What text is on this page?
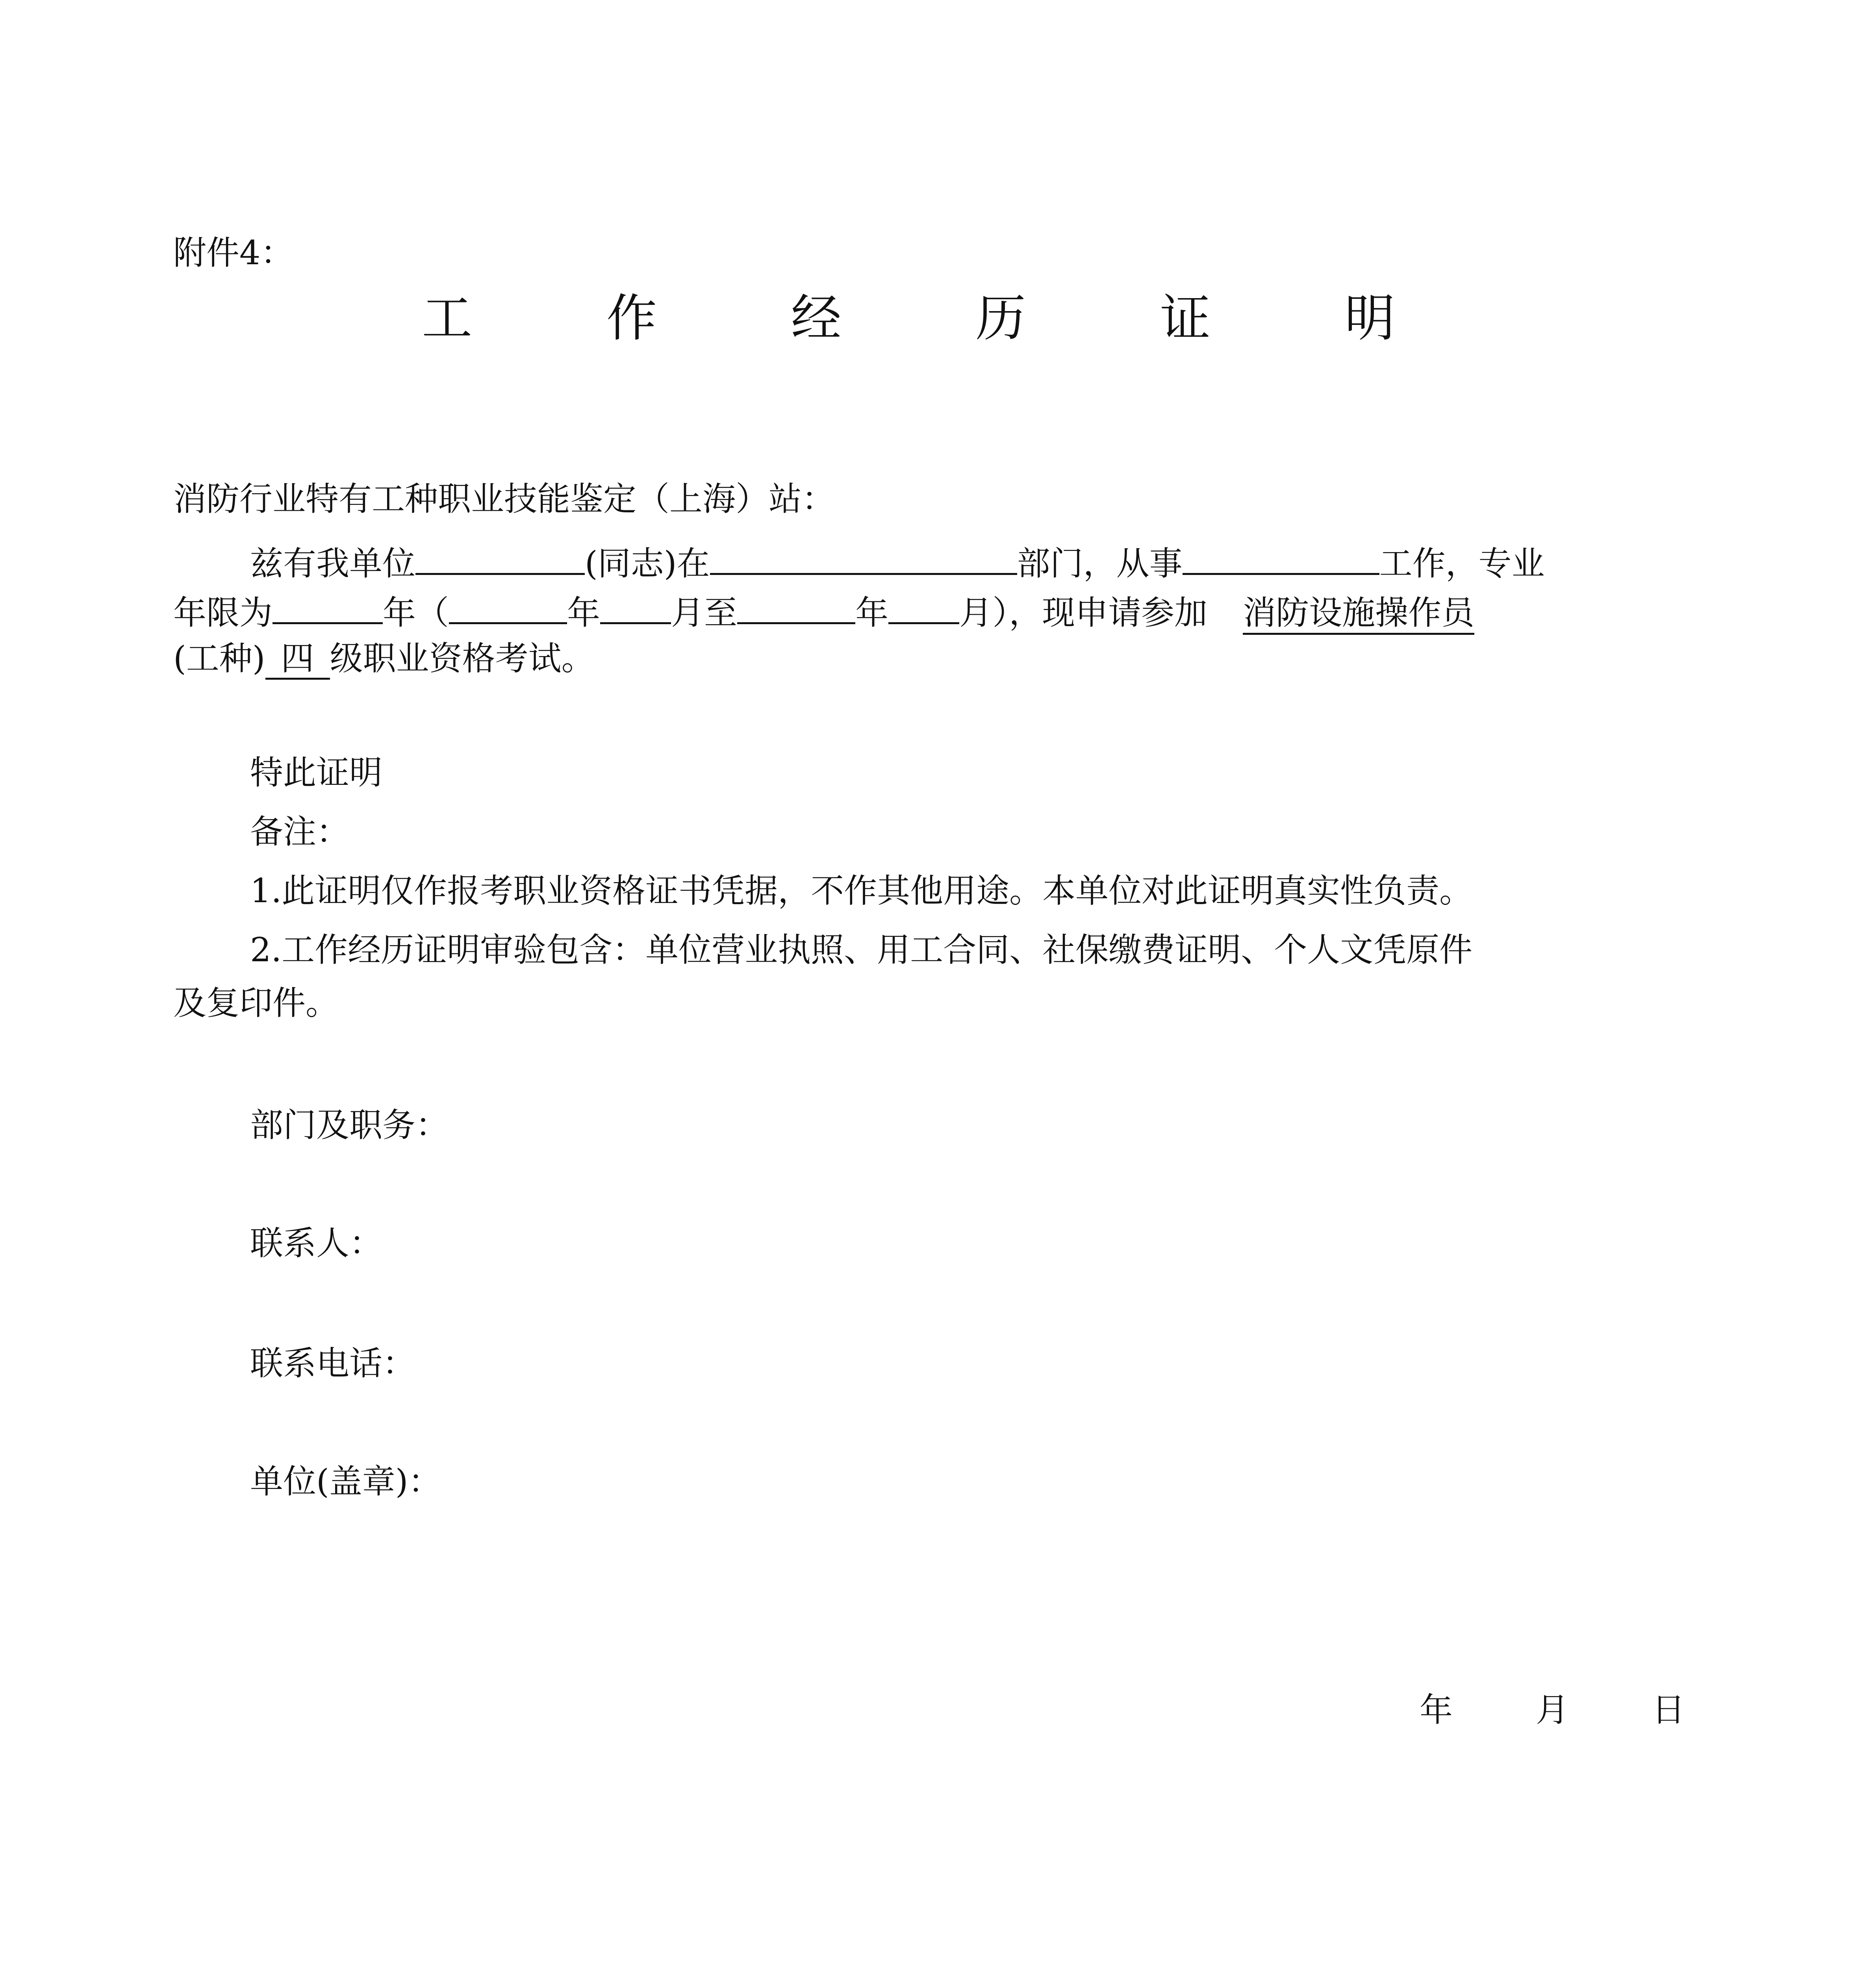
附件4：
工 作 经 历 证 明
消防行业特有工种职业技能鉴定（上海）站：
兹有我单位	(同志)在	部门，从事	工作，专业
年限为	年（	年 月至	年 月），现申请参加 消防设施操作员
(工种) 四 级职业资格考试。
特此证明
备注：
1.此证明仅作报考职业资格证书凭据，不作其他用途。本单位对此证明真实性负责。
2.工作经历证明审验包含：单位营业执照、用工合同、社保缴费证明、个人文凭原件
及复印件。
部门及职务：
联系人：
联系电话：
单位(盖章)：
年	月	日
